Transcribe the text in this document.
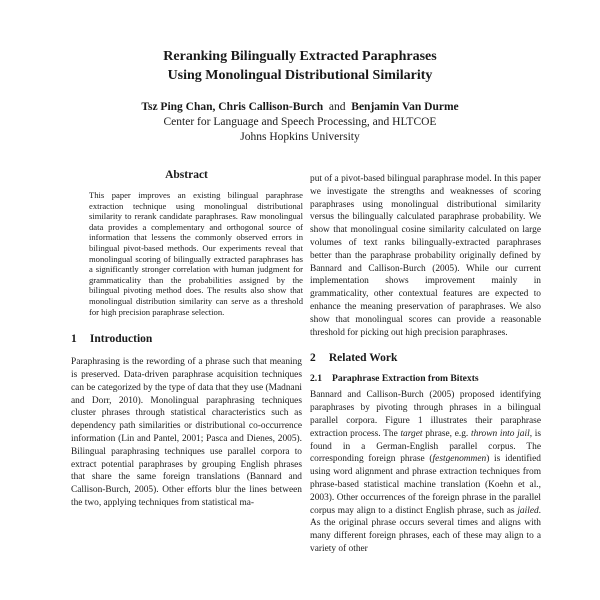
Reranking Bilingually Extracted Paraphrases

Using Monolingual Distributional Similarity

Tsz Ping Chan, Chris Callison-Burch and Benjamin Van Durme
Center for Language and Speech Processing, and HLTCOE
Johns Hopkins University

Abstract

This paper improves an existing bilingual paraphrase extraction technique using monolingual distributional similarity to rerank candidate paraphrases. Raw monolingual data provides a complementary and orthogonal source of information that lessens the commonly observed errors in bilingual pivot-based methods. Our experiments reveal that monolingual scoring of bilingually extracted paraphrases has a significantly stronger correlation with human judgment for grammaticality than the probabilities assigned by the bilingual pivoting method does. The results also show that monolingual distribution similarity can serve as a threshold for high precision paraphrase selection.

1 Introduction

Paraphrasing is the rewording of a phrase such that meaning is preserved. Data-driven paraphrase acquisition techniques can be categorized by the type of data that they use (Madnani and Dorr, 2010). Monolingual paraphrasing techniques cluster phrases through statistical characteristics such as dependency path similarities or distributional co-occurrence information (Lin and Pantel, 2001; Pasca and Dienes, 2005). Bilingual paraphrasing techniques use parallel corpora to extract potential paraphrases by grouping English phrases that share the same foreign translations (Bannard and Callison-Burch, 2005). Other efforts blur the lines between the two, applying techniques from statistical ma-

put of a pivot-based bilingual paraphrase model. In this paper we investigate the strengths and weaknesses of scoring paraphrases using monolingual distributional similarity versus the bilingually calculated paraphrase probability. We show that monolingual cosine similarity calculated on large volumes of text ranks bilingually-extracted paraphrases better than the paraphrase probability originally defined by Bannard and Callison-Burch (2005). While our current implementation shows improvement mainly in grammaticality, other contextual features are expected to enhance the meaning preservation of paraphrases. We also show that monolingual scores can provide a reasonable threshold for picking out high precision paraphrases.

2 Related Work

2.1 Paraphrase Extraction from Bitexts

Bannard and Callison-Burch (2005) proposed identifying paraphrases by pivoting through phrases in a bilingual parallel corpora. Figure 1 illustrates their paraphrase extraction process. The target phrase, e.g. thrown into jail, is found in a German-English parallel corpus. The corresponding foreign phrase (festgenommen) is identified using word alignment and phrase extraction techniques from phrase-based statistical machine translation (Koehn et al., 2003). Other occurrences of the foreign phrase in the parallel corpus may align to a distinct English phrase, such as jailed. As the original phrase occurs several times and aligns with many different foreign phrases, each of these may align to a variety of other
